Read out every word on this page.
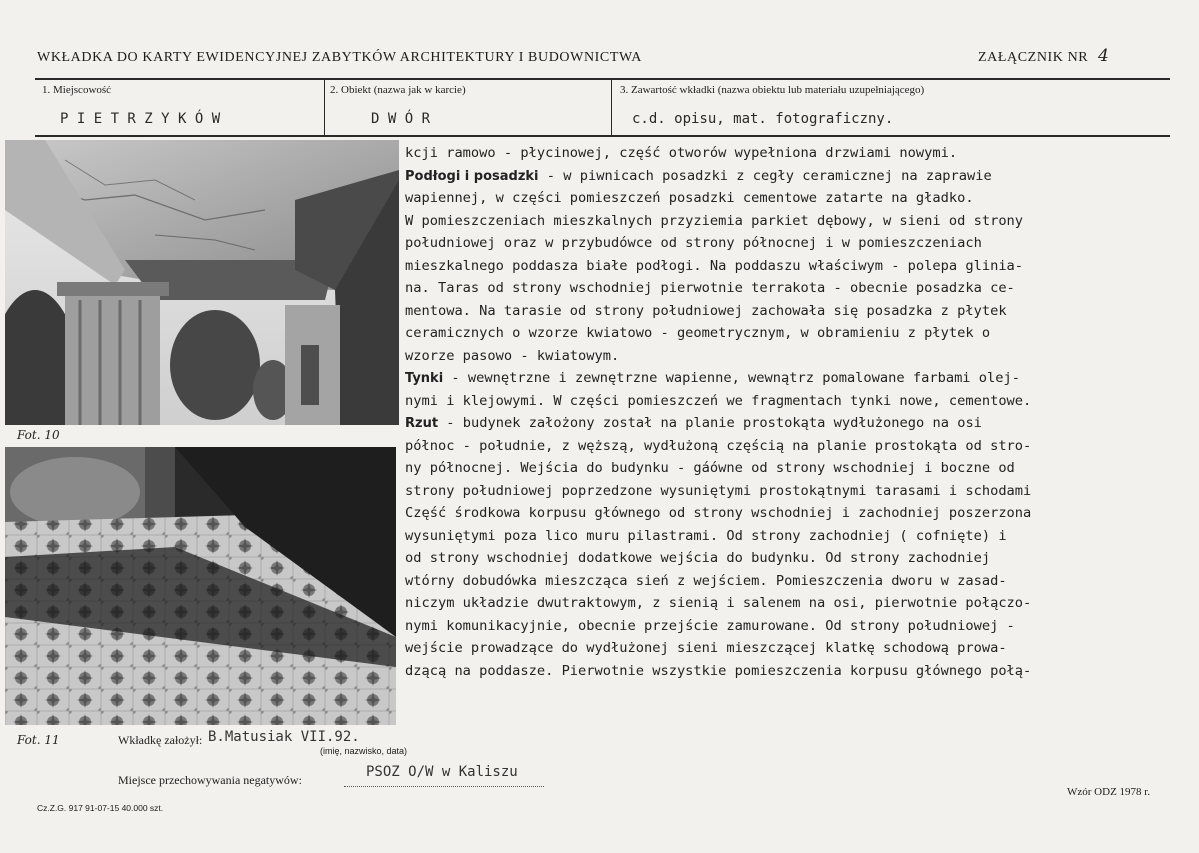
WKŁADKA DO KARTY EWIDENCYJNEJ ZABYTKÓW ARCHITEKTURY I BUDOWNICTWA	ZAŁĄCZNIK NR 4
1. Miejscowość
P I E T R Z Y K Ó W
2. Obiekt (nazwa jak w karcie)
D W Ó R
3. Zawartość wkładki (nazwa obiektu lub materiału uzupełniającego)
c.d. opisu, mat. fotograficzny.
Fot. 10
Fot. 11
kcji ramowo - płycinowej, część otworów wypełniona drzwiami nowymi.
Podłogi i posadzki - w piwnicach posadzki z cegły ceramicznej na zaprawie
wapiennej, w części pomieszczeń posadzki cementowe zatarte na gładko.
W pomieszczeniach mieszkalnych przyziemia parkiet dębowy, w sieni od strony
południowej oraz w przybudówce od strony północnej i w pomieszczeniach
mieszkalnego poddasza białe podłogi. Na poddaszu właściwym - polepa glinia-
na. Taras od strony wschodniej pierwotnie terrakota - obecnie posadzka ce-
mentowa. Na tarasie od strony południowej zachowała się posadzka z płytek
ceramicznych o wzorze kwiatowo - geometrycznym, w obramieniu z płytek o
wzorze pasowo - kwiatowym.
Tynki - wewnętrzne i zewnętrzne wapienne, wewnątrz pomalowane farbami olej-
nymi i klejowymi. W części pomieszczeń we fragmentach tynki nowe, cementowe.
Rzut - budynek założony został na planie prostokąta wydłużonego na osi
północ - południe, z węższą, wydłużoną częścią na planie prostokąta od stro-
ny północnej. Wejścia do budynku - gáówne od strony wschodniej i boczne od
strony południowej poprzedzone wysuniętymi prostokątnymi tarasami i schodami
Część środkowa korpusu głównego od strony wschodniej i zachodniej poszerzona
wysuniętymi poza lico muru pilastrami. Od strony zachodniej ( cofnięte) i
od strony wschodniej dodatkowe wejścia do budynku. Od strony zachodniej
wtórny dobudówka mieszcząca sień z wejściem. Pomieszczenia dworu w zasad-
niczym układzie dwutraktowym, z sienią i salenem na osi, pierwotnie połączo-
nymi komunikacyjnie, obecnie przejście zamurowane. Od strony południowej -
wejście prowadzące do wydłużonej sieni mieszczącej klatkę schodową prowa-
dzącą na poddasze. Pierwotnie wszystkie pomieszczenia korpusu głównego połą-
Wkładkę założył: B.Matusiak VII.92.
(imię, nazwisko, data)
Miejsce przechowywania negatywów:	PSOZ O/W w Kaliszu
Cz.Z.G. 917 91-07-15 40.000 szt.
Wzór ODZ 1978 r.
